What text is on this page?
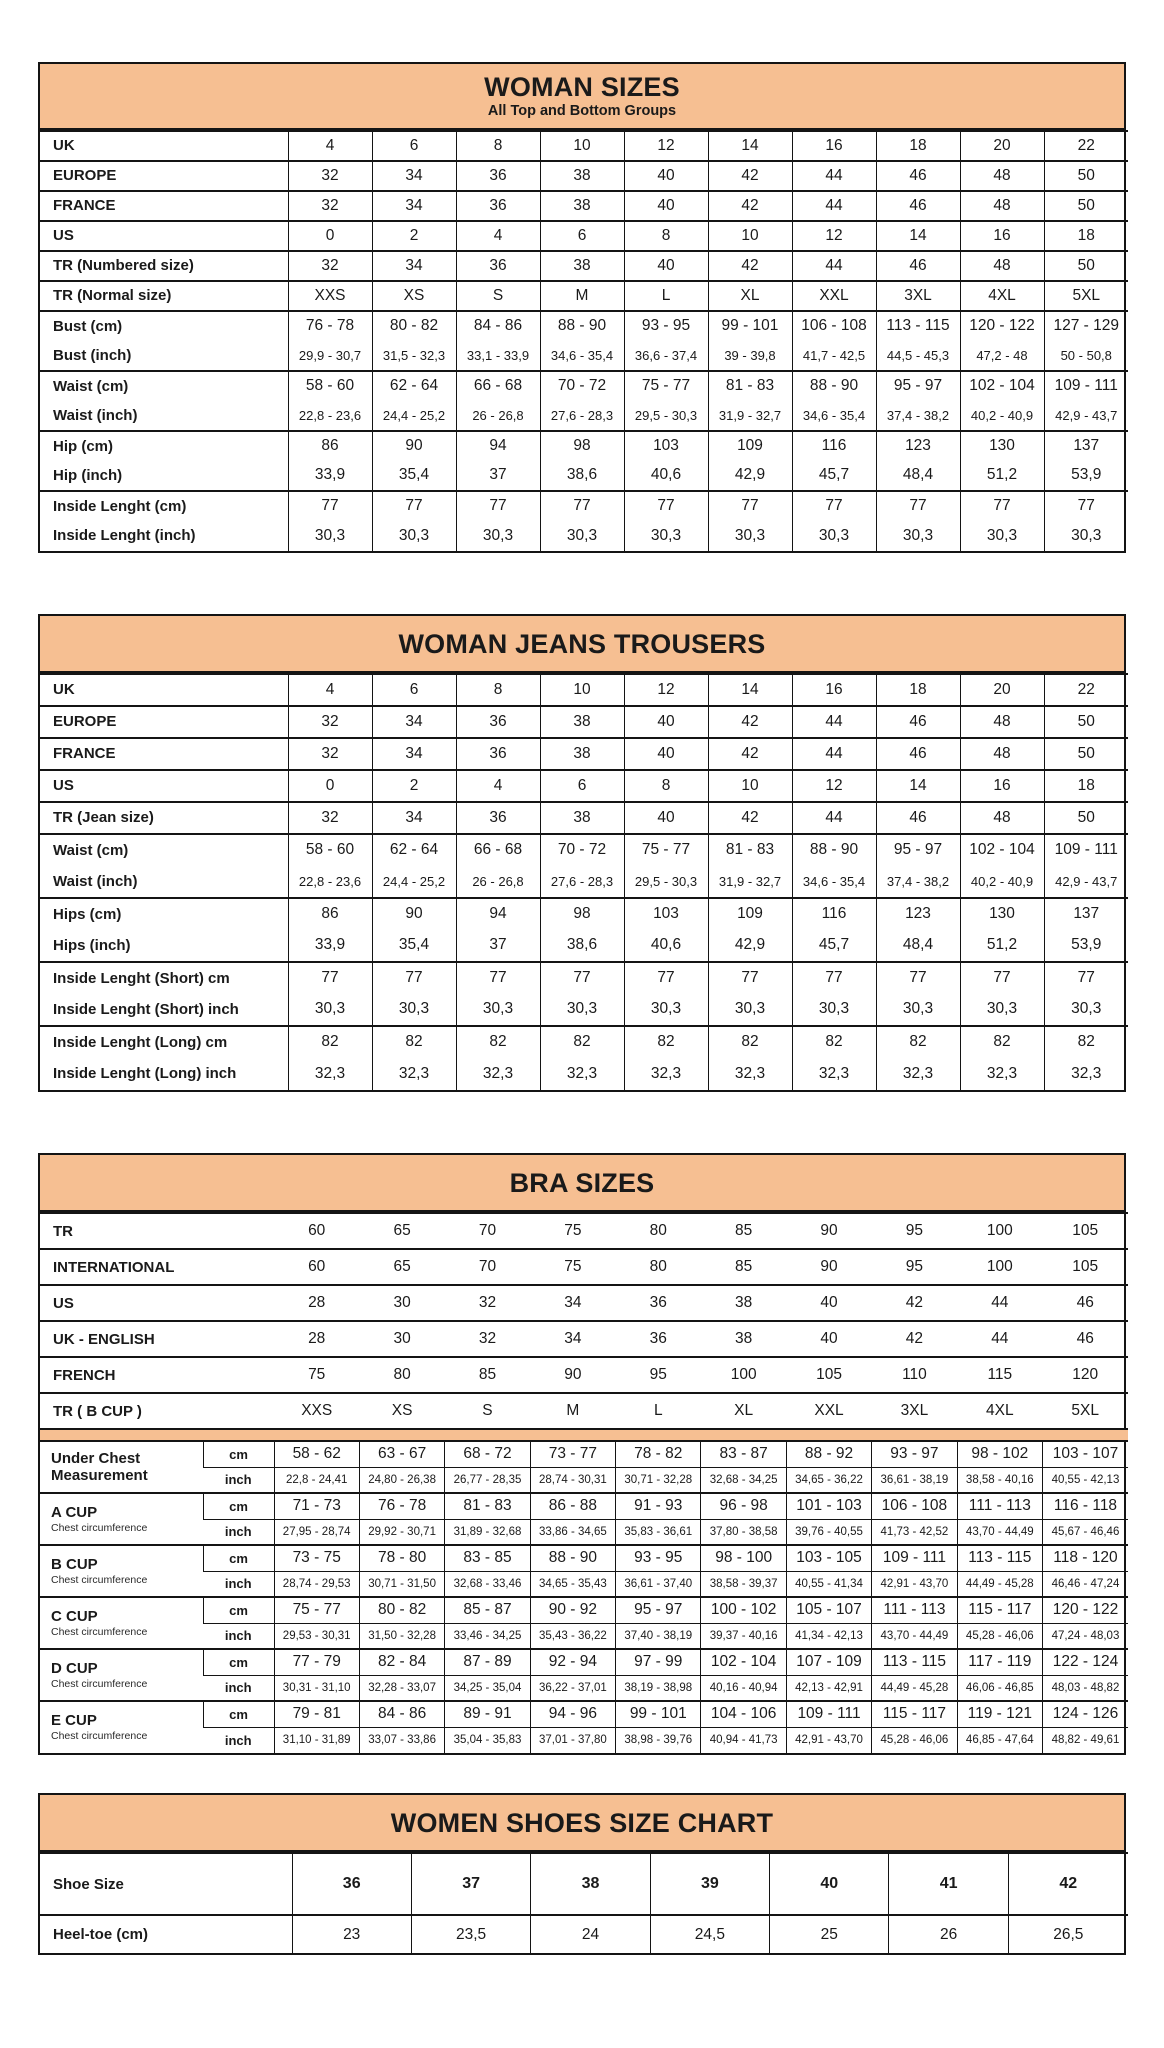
WOMAN SIZES
All Top and Bottom Groups
UK	4	6	8	10	12	14	16	18	20	22
EUROPE	32	34	36	38	40	42	44	46	48	50
FRANCE	32	34	36	38	40	42	44	46	48	50
US	0	2	4	6	8	10	12	14	16	18
TR (Numbered size)	32	34	36	38	40	42	44	46	48	50
TR (Normal size)	XXS	XS	S	M	L	XL	XXL	3XL	4XL	5XL
Bust (cm)	76 - 78	80 - 82	84 - 86	88 - 90	93 - 95	99 - 101	106 - 108	113 - 115	120 - 122	127 - 129
Bust (inch)	29,9 - 30,7	31,5 - 32,3	33,1 - 33,9	34,6 - 35,4	36,6 - 37,4	39 - 39,8	41,7 - 42,5	44,5 - 45,3	47,2 - 48	50 - 50,8
Waist (cm)	58 - 60	62 - 64	66 - 68	70 - 72	75 - 77	81 - 83	88 - 90	95 - 97	102 - 104	109 - 111
Waist (inch)	22,8 - 23,6	24,4 - 25,2	26 - 26,8	27,6 - 28,3	29,5 - 30,3	31,9 - 32,7	34,6 - 35,4	37,4 - 38,2	40,2 - 40,9	42,9 - 43,7
Hip (cm)	86	90	94	98	103	109	116	123	130	137
Hip (inch)	33,9	35,4	37	38,6	40,6	42,9	45,7	48,4	51,2	53,9
Inside Lenght (cm)	77	77	77	77	77	77	77	77	77	77
Inside Lenght (inch)	30,3	30,3	30,3	30,3	30,3	30,3	30,3	30,3	30,3	30,3
WOMAN JEANS TROUSERS
UK	4	6	8	10	12	14	16	18	20	22
EUROPE	32	34	36	38	40	42	44	46	48	50
FRANCE	32	34	36	38	40	42	44	46	48	50
US	0	2	4	6	8	10	12	14	16	18
TR (Jean size)	32	34	36	38	40	42	44	46	48	50
Waist (cm)	58 - 60	62 - 64	66 - 68	70 - 72	75 - 77	81 - 83	88 - 90	95 - 97	102 - 104	109 - 111
Waist (inch)	22,8 - 23,6	24,4 - 25,2	26 - 26,8	27,6 - 28,3	29,5 - 30,3	31,9 - 32,7	34,6 - 35,4	37,4 - 38,2	40,2 - 40,9	42,9 - 43,7
Hips (cm)	86	90	94	98	103	109	116	123	130	137
Hips (inch)	33,9	35,4	37	38,6	40,6	42,9	45,7	48,4	51,2	53,9
Inside Lenght (Short) cm	77	77	77	77	77	77	77	77	77	77
Inside Lenght (Short) inch	30,3	30,3	30,3	30,3	30,3	30,3	30,3	30,3	30,3	30,3
Inside Lenght (Long) cm	82	82	82	82	82	82	82	82	82	82
Inside Lenght (Long) inch	32,3	32,3	32,3	32,3	32,3	32,3	32,3	32,3	32,3	32,3
BRA SIZES
TR		60	65	70	75	80	85	90	95	100	105
INTERNATIONAL		60	65	70	75	80	85	90	95	100	105
US		28	30	32	34	36	38	40	42	44	46
UK - ENGLISH		28	30	32	34	36	38	40	42	44	46
FRENCH		75	80	85	90	95	100	105	110	115	120
TR ( B CUP )		XXS	XS	S	M	L	XL	XXL	3XL	4XL	5XL

Under Chest Measurement	cm	58 - 62	63 - 67	68 - 72	73 - 77	78 - 82	83 - 87	88 - 92	93 - 97	98 - 102	103 - 107
	inch	22,8 - 24,41	24,80 - 26,38	26,77 - 28,35	28,74 - 30,31	30,71 - 32,28	32,68 - 34,25	34,65 - 36,22	36,61 - 38,19	38,58 - 40,16	40,55 - 42,13

A CUP
Chest circumference	cm	71 - 73	76 - 78	81 - 83	86 - 88	91 - 93	96 - 98	101 - 103	106 - 108	111 - 113	116 - 118
	inch	27,95 - 28,74	29,92 - 30,71	31,89 - 32,68	33,86 - 34,65	35,83 - 36,61	37,80 - 38,58	39,76 - 40,55	41,73 - 42,52	43,70 - 44,49	45,67 - 46,46

B CUP
Chest circumference	cm	73 - 75	78 - 80	83 - 85	88 - 90	93 - 95	98 - 100	103 - 105	109 - 111	113 - 115	118 - 120
	inch	28,74 - 29,53	30,71 - 31,50	32,68 - 33,46	34,65 - 35,43	36,61 - 37,40	38,58 - 39,37	40,55 - 41,34	42,91 - 43,70	44,49 - 45,28	46,46 - 47,24

C CUP
Chest circumference	cm	75 - 77	80 - 82	85 - 87	90 - 92	95 - 97	100 - 102	105 - 107	111 - 113	115 - 117	120 - 122
	inch	29,53 - 30,31	31,50 - 32,28	33,46 - 34,25	35,43 - 36,22	37,40 - 38,19	39,37 - 40,16	41,34 - 42,13	43,70 - 44,49	45,28 - 46,06	47,24 - 48,03

D CUP
Chest circumference	cm	77 - 79	82 - 84	87 - 89	92 - 94	97 - 99	102 - 104	107 - 109	113 - 115	117 - 119	122 - 124
	inch	30,31 - 31,10	32,28 - 33,07	34,25 - 35,04	36,22 - 37,01	38,19 - 38,98	40,16 - 40,94	42,13 - 42,91	44,49 - 45,28	46,06 - 46,85	48,03 - 48,82

E CUP
Chest circumference	cm	79 - 81	84 - 86	89 - 91	94 - 96	99 - 101	104 - 106	109 - 111	115 - 117	119 - 121	124 - 126
	inch	31,10 - 31,89	33,07 - 33,86	35,04 - 35,83	37,01 - 37,80	38,98 - 39,76	40,94 - 41,73	42,91 - 43,70	45,28 - 46,06	46,85 - 47,64	48,82 - 49,61
WOMEN SHOES SIZE CHART
Shoe Size	36	37	38	39	40	41	42
Heel-toe (cm)	23	23,5	24	24,5	25	26	26,5
